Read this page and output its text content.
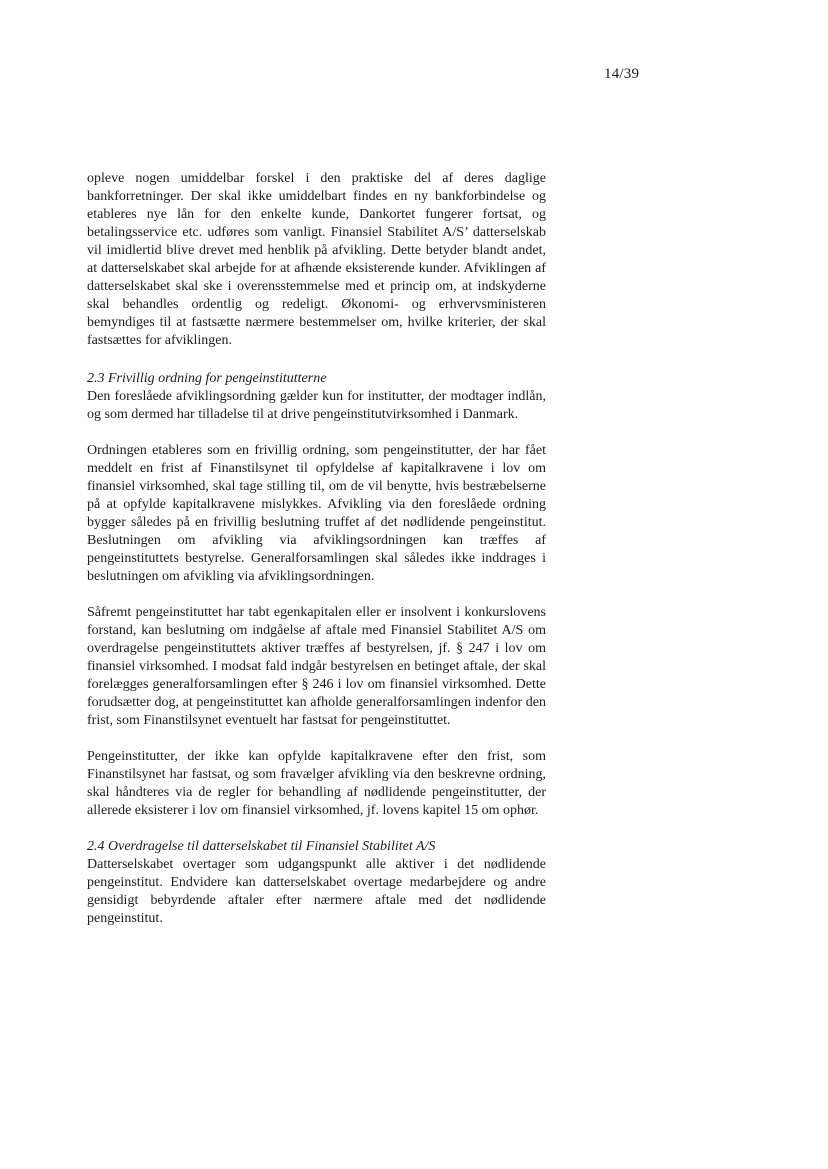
14/39

opleve nogen umiddelbar forskel i den praktiske del af deres daglige bankforretninger. Der skal ikke umiddelbart findes en ny bankforbindelse og etableres nye lån for den enkelte kunde, Dankortet fungerer fortsat, og betalingsservice etc. udføres som vanligt. Finansiel Stabilitet A/S’ datterselskab vil imidlertid blive drevet med henblik på afvikling. Dette betyder blandt andet, at datterselskabet skal arbejde for at afhænde eksisterende kunder. Afviklingen af datterselskabet skal ske i overensstemmelse med et princip om, at indskyderne skal behandles ordentlig og redeligt. Økonomi- og erhvervsministeren bemyndiges til at fastsætte nærmere bestemmelser om, hvilke kriterier, der skal fastsættes for afviklingen.

2.3 Frivillig ordning for pengeinstitutterne

Den foreslåede afviklingsordning gælder kun for institutter, der modtager indlån, og som dermed har tilladelse til at drive pengeinstitutvirksomhed i Danmark.

Ordningen etableres som en frivillig ordning, som pengeinstitutter, der har fået meddelt en frist af Finanstilsynet til opfyldelse af kapitalkravene i lov om finansiel virksomhed, skal tage stilling til, om de vil benytte, hvis bestræbelserne på at opfylde kapitalkravene mislykkes. Afvikling via den foreslåede ordning bygger således på en frivillig beslutning truffet af det nødlidende pengeinstitut. Beslutningen om afvikling via afviklingsordningen kan træffes af pengeinstituttets bestyrelse. Generalforsamlingen skal således ikke inddrages i beslutningen om afvikling via afviklingsordningen.

Såfremt pengeinstituttet har tabt egenkapitalen eller er insolvent i konkurslovens forstand, kan beslutning om indgåelse af aftale med Finansiel Stabilitet A/S om overdragelse pengeinstituttets aktiver træffes af bestyrelsen, jf. § 247 i lov om finansiel virksomhed. I modsat fald indgår bestyrelsen en betinget aftale, der skal forelægges generalforsamlingen efter § 246 i lov om finansiel virksomhed. Dette forudsætter dog, at pengeinstituttet kan afholde generalforsamlingen indenfor den frist, som Finanstilsynet eventuelt har fastsat for pengeinstituttet.

Pengeinstitutter, der ikke kan opfylde kapitalkravene efter den frist, som Finanstilsynet har fastsat, og som fravælger afvikling via den beskrevne ordning, skal håndteres via de regler for behandling af nødlidende pengeinstitutter, der allerede eksisterer i lov om finansiel virksomhed, jf. lovens kapitel 15 om ophør.

2.4 Overdragelse til datterselskabet til Finansiel Stabilitet A/S

Datterselskabet overtager som udgangspunkt alle aktiver i det nødlidende pengeinstitut. Endvidere kan datterselskabet overtage medarbejdere og andre gensidigt bebyrdende aftaler efter nærmere aftale med det nødlidende pengeinstitut.
